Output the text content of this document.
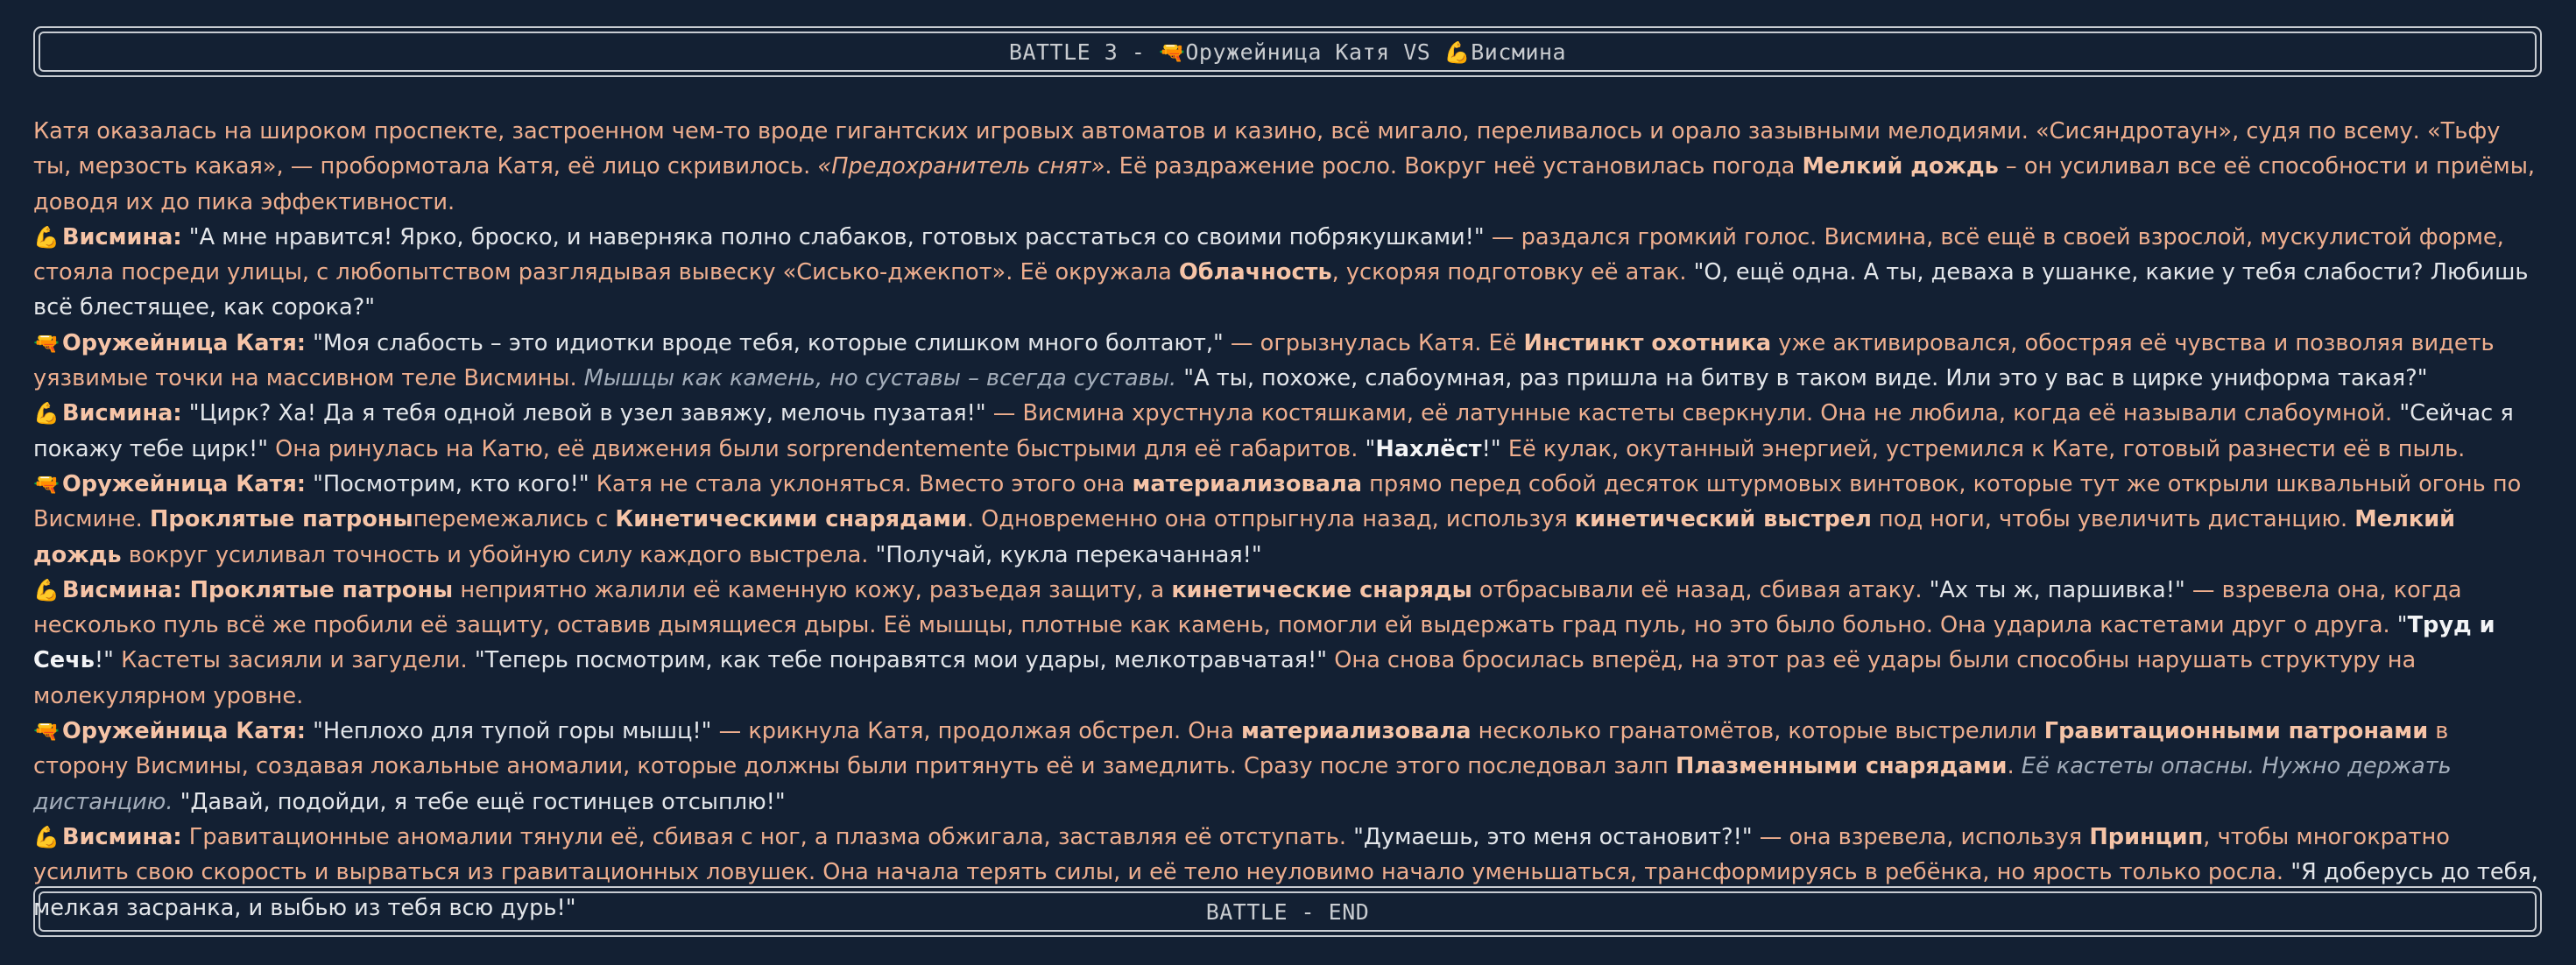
BATTLE 3 - 🔫Оружейница Катя VS 💪Висмина

Катя оказалась на широком проспекте, застроенном чем-то вроде гигантских игровых автоматов и казино, всё мигало, переливалось и орало зазывными мелодиями. «Сисяндротаун», судя по всему. «Тьфу ты, мерзость какая», — пробормотала Катя, её лицо скривилось. «Предохранитель снят». Её раздражение росло. Вокруг неё установилась погода Мелкий дождь – он усиливал все её способности и приёмы, доводя их до пика эффективности.

💪 Висмина: "А мне нравится! Ярко, броско, и наверняка полно слабаков, готовых расстаться со своими побрякушками!" — раздался громкий голос. Висмина, всё ещё в своей взрослой, мускулистой форме, стояла посреди улицы, с любопытством разглядывая вывеску «Сисько-джекпот». Её окружала Облачность, ускоряя подготовку её атак. "О, ещё одна. А ты, деваха в ушанке, какие у тебя слабости? Любишь всё блестящее, как сорока?"

🔫 Оружейница Катя: "Моя слабость – это идиотки вроде тебя, которые слишком много болтают," — огрызнулась Катя. Её Инстинкт охотника уже активировался, обостряя её чувства и позволяя видеть уязвимые точки на массивном теле Висмины. Мышцы как камень, но суставы – всегда суставы. "А ты, похоже, слабоумная, раз пришла на битву в таком виде. Или это у вас в цирке униформа такая?"

💪 Висмина: "Цирк? Ха! Да я тебя одной левой в узел завяжу, мелочь пузатая!" — Висмина хрустнула костяшками, её латунные кастеты сверкнули. Она не любила, когда её называли слабоумной. "Сейчас я покажу тебе цирк!" Она ринулась на Катю, её движения были sorprendentemente быстрыми для её габаритов. "Нахлёст!" Её кулак, окутанный энергией, устремился к Кате, готовый разнести её в пыль.

🔫 Оружейница Катя: "Посмотрим, кто кого!" Катя не стала уклоняться. Вместо этого она материализовала прямо перед собой десяток штурмовых винтовок, которые тут же открыли шквальный огонь по Висмине. Проклятые патроныперемежались с Кинетическими снарядами. Одновременно она отпрыгнула назад, используя кинетический выстрел под ноги, чтобы увеличить дистанцию. Мелкий дождь вокруг усиливал точность и убойную силу каждого выстрела. "Получай, кукла перекачанная!"

💪 Висмина: Проклятые патроны неприятно жалили её каменную кожу, разъедая защиту, а кинетические снаряды отбрасывали её назад, сбивая атаку. "Ах ты ж, паршивка!" — взревела она, когда несколько пуль всё же пробили её защиту, оставив дымящиеся дыры. Её мышцы, плотные как камень, помогли ей выдержать град пуль, но это было больно. Она ударила кастетами друг о друга. "Труд и Сечь!" Кастеты засияли и загудели. "Теперь посмотрим, как тебе понравятся мои удары, мелкотравчатая!" Она снова бросилась вперёд, на этот раз её удары были способны нарушать структуру на молекулярном уровне.

🔫 Оружейница Катя: "Неплохо для тупой горы мышц!" — крикнула Катя, продолжая обстрел. Она материализовала несколько гранатомётов, которые выстрелили Гравитационными патронами в сторону Висмины, создавая локальные аномалии, которые должны были притянуть её и замедлить. Сразу после этого последовал залп Плазменными снарядами. Её кастеты опасны. Нужно держать дистанцию. "Давай, подойди, я тебе ещё гостинцев отсыплю!"

💪 Висмина: Гравитационные аномалии тянули её, сбивая с ног, а плазма обжигала, заставляя её отступать. "Думаешь, это меня остановит?!" — она взревела, используя Принцип, чтобы многократно усилить свою скорость и вырваться из гравитационных ловушек. Она начала терять силы, и её тело неуловимо начало уменьшаться, трансформируясь в ребёнка, но ярость только росла. "Я доберусь до тебя, мелкая засранка, и выбью из тебя всю дурь!"	BATTLE - END
